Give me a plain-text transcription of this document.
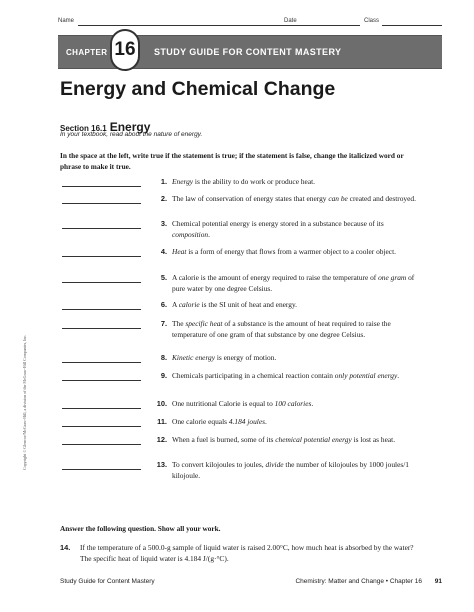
Name	Date	Class
CHAPTER 16	STUDY GUIDE FOR CONTENT MASTERY
Energy and Chemical Change
Section 16.1 Energy
In your textbook, read about the nature of energy.
In the space at the left, write true if the statement is true; if the statement is false, change the italicized word or phrase to make it true.
1. Energy is the ability to do work or produce heat.
2. The law of conservation of energy states that energy can be created and destroyed.
3. Chemical potential energy is energy stored in a substance because of its composition.
4. Heat is a form of energy that flows from a warmer object to a cooler object.
5. A calorie is the amount of energy required to raise the temperature of one gram of pure water by one degree Celsius.
6. A calorie is the SI unit of heat and energy.
7. The specific heat of a substance is the amount of heat required to raise the temperature of one gram of that substance by one degree Celsius.
8. Kinetic energy is energy of motion.
9. Chemicals participating in a chemical reaction contain only potential energy.
10. One nutritional Calorie is equal to 100 calories.
11. One calorie equals 4.184 joules.
12. When a fuel is burned, some of its chemical potential energy is lost as heat.
13. To convert kilojoules to joules, divide the number of kilojoules by 1000 joules/1 kilojoule.
Answer the following question. Show all your work.
14. If the temperature of a 500.0-g sample of liquid water is raised 2.00°C, how much heat is absorbed by the water? The specific heat of liquid water is 4.184 J/(g·°C).
Copyright © Glencoe/McGraw-Hill, a division of the McGraw-Hill Companies, Inc.
Study Guide for Content Mastery	Chemistry: Matter and Change • Chapter 16 91
